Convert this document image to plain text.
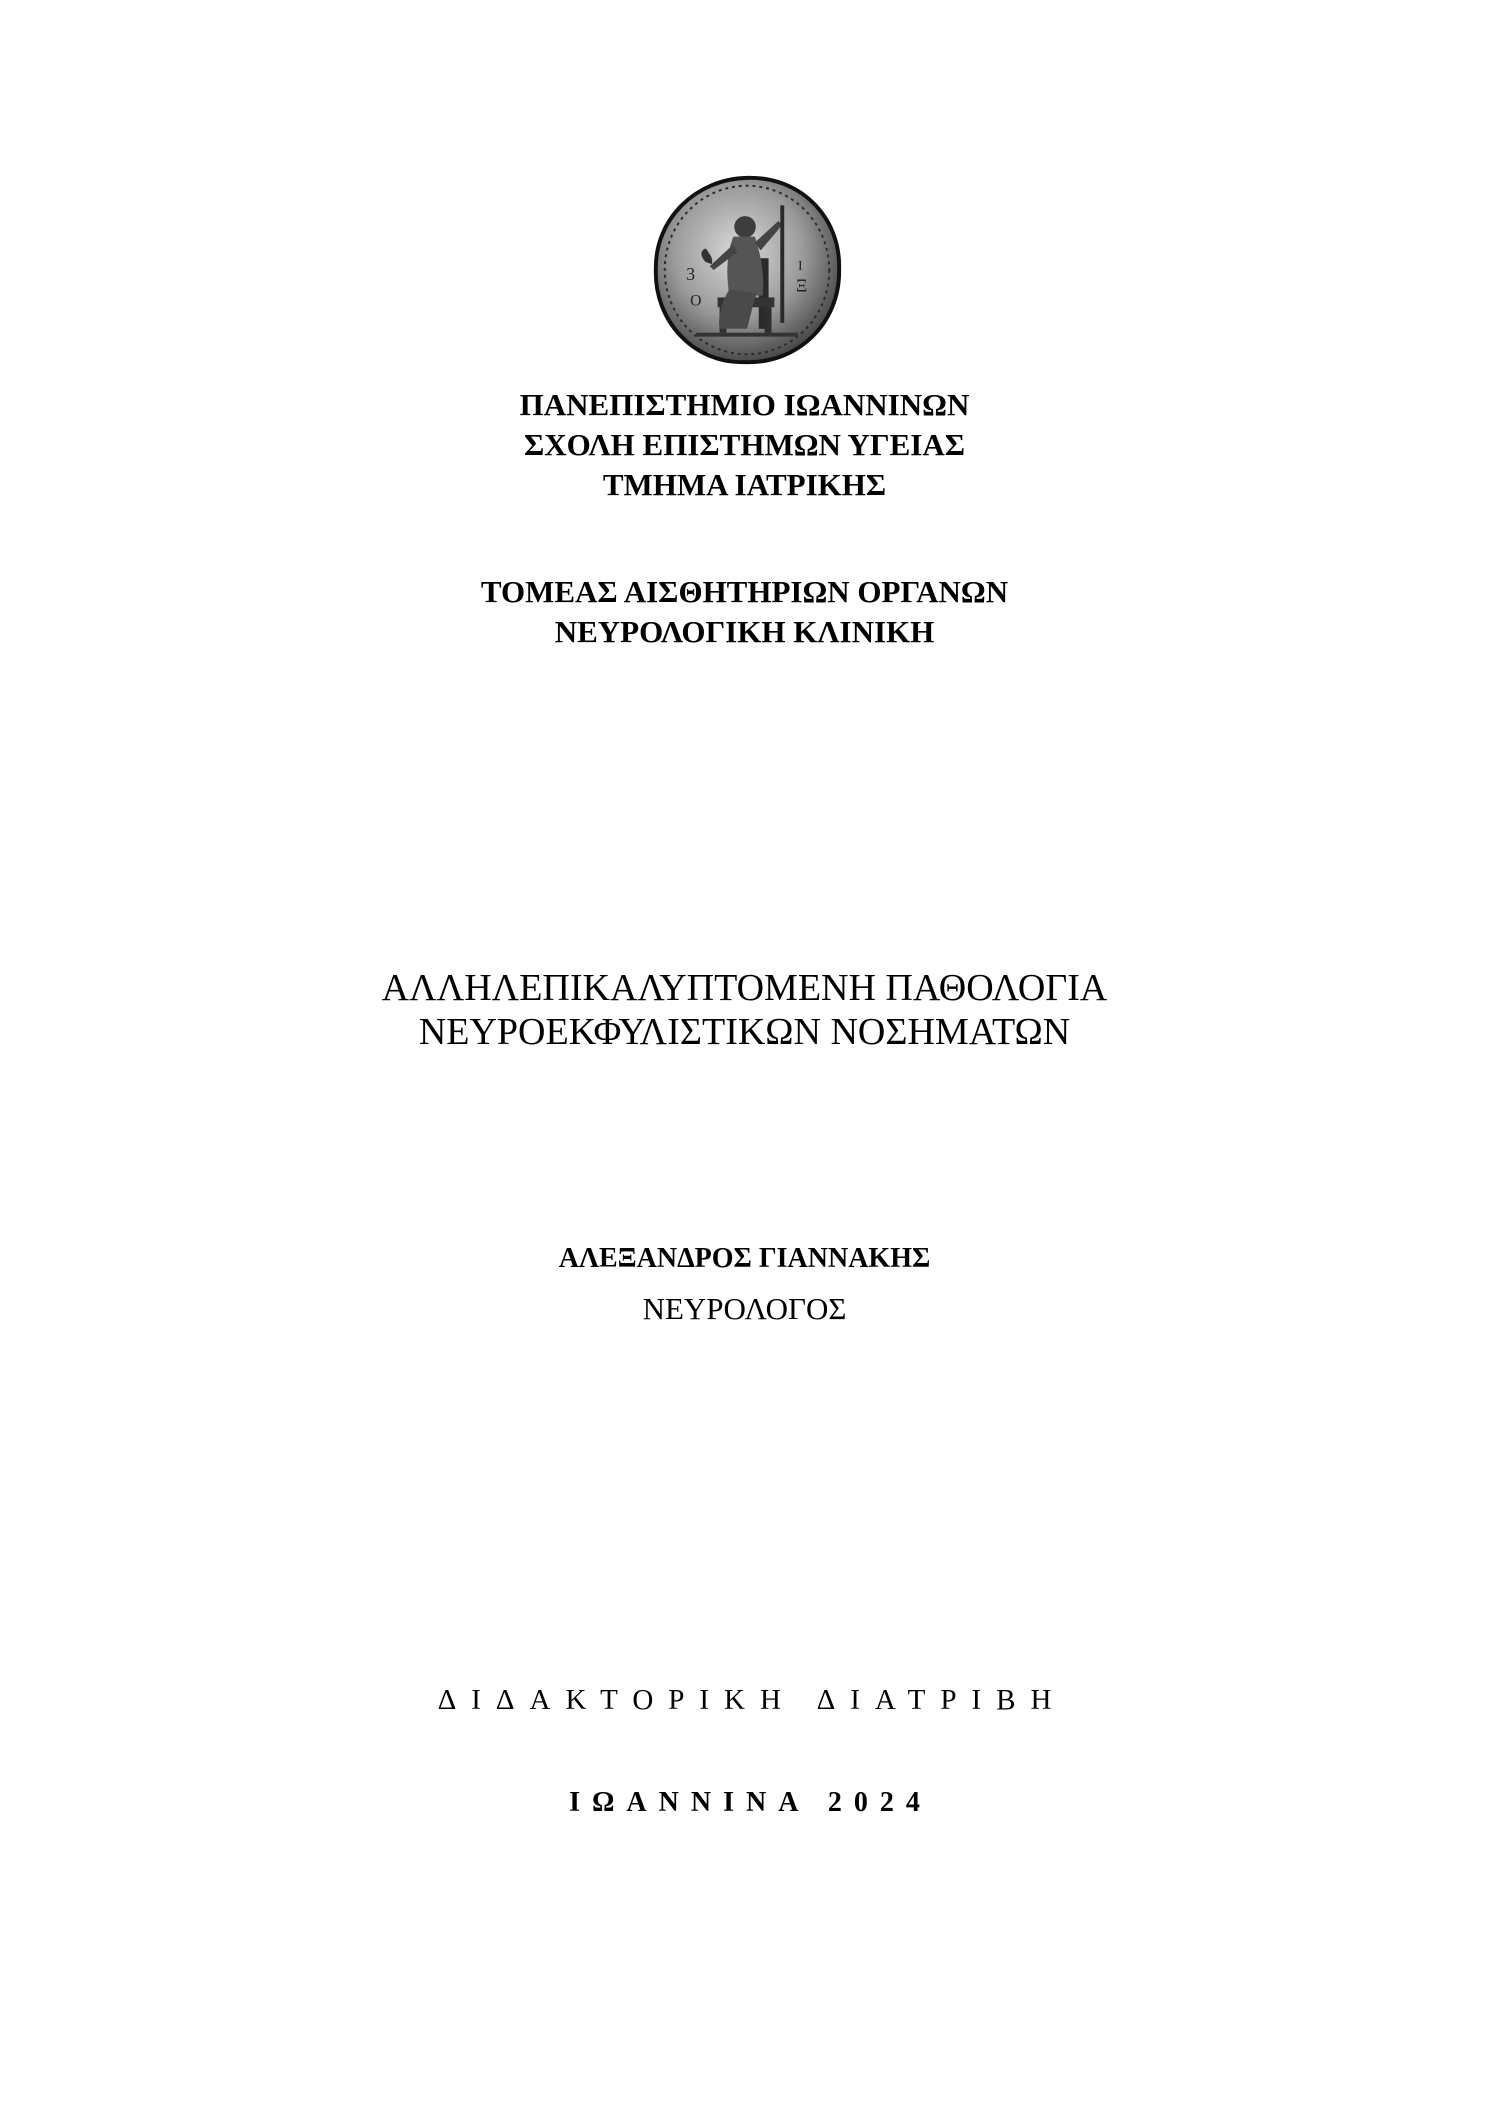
3
O
Ξ
I
ΠΑΝΕΠΙΣΤΗΜΙΟ ΙΩΑΝΝΙΝΩΝ
ΣΧΟΛΗ ΕΠΙΣΤΗΜΩΝ ΥΓΕΙΑΣ
ΤΜΗΜΑ ΙΑΤΡΙΚΗΣ
ΤΟΜΕΑΣ ΑΙΣΘΗΤΗΡΙΩΝ ΟΡΓΑΝΩΝ
ΝΕΥΡΟΛΟΓΙΚΗ ΚΛΙΝΙΚΗ
ΑΛΛΗΛΕΠΙΚΑΛΥΠΤΟΜΕΝΗ ΠΑΘΟΛΟΓΙΑ
ΝΕΥΡΟΕΚΦΥΛΙΣΤΙΚΩΝ ΝΟΣΗΜΑΤΩΝ
ΑΛΕΞΑΝΔΡΟΣ ΓΙΑΝΝΑΚΗΣ
ΝΕΥΡΟΛΟΓΟΣ
ΔΙΔΑΚΤΟΡΙΚΗ ΔΙΑΤΡΙΒΗ
ΙΩΑΝΝΙΝΑ 2024
